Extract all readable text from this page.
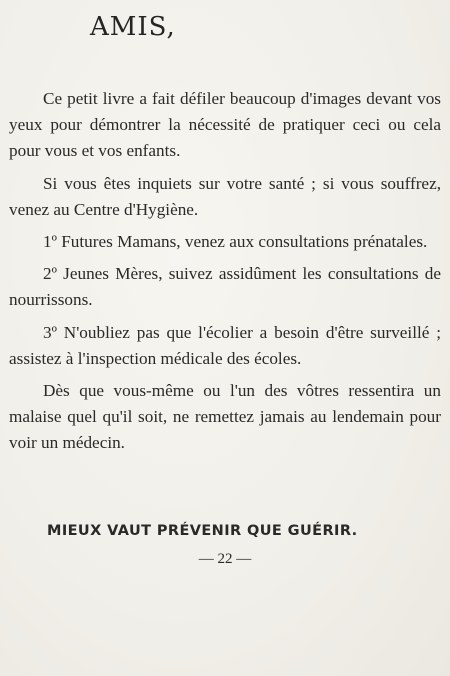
AMIS,

Ce petit livre a fait défiler beaucoup d'images devant vos yeux pour démontrer la nécessité de pratiquer ceci ou cela pour vous et vos enfants.

Si vous êtes inquiets sur votre santé ; si vous souffrez, venez au Centre d'Hygiène.

1º Futures Mamans, venez aux consultations prénatales.

2º Jeunes Mères, suivez assidûment les consultations de nourrissons.

3º N'oubliez pas que l'écolier a besoin d'être surveillé ; assistez à l'inspection médicale des écoles.

Dès que vous-même ou l'un des vôtres ressentira un malaise quel qu'il soit, ne remettez jamais au lendemain pour voir un médecin.

MIEUX VAUT PRÉVENIR QUE GUÉRIR.
— 22 —
